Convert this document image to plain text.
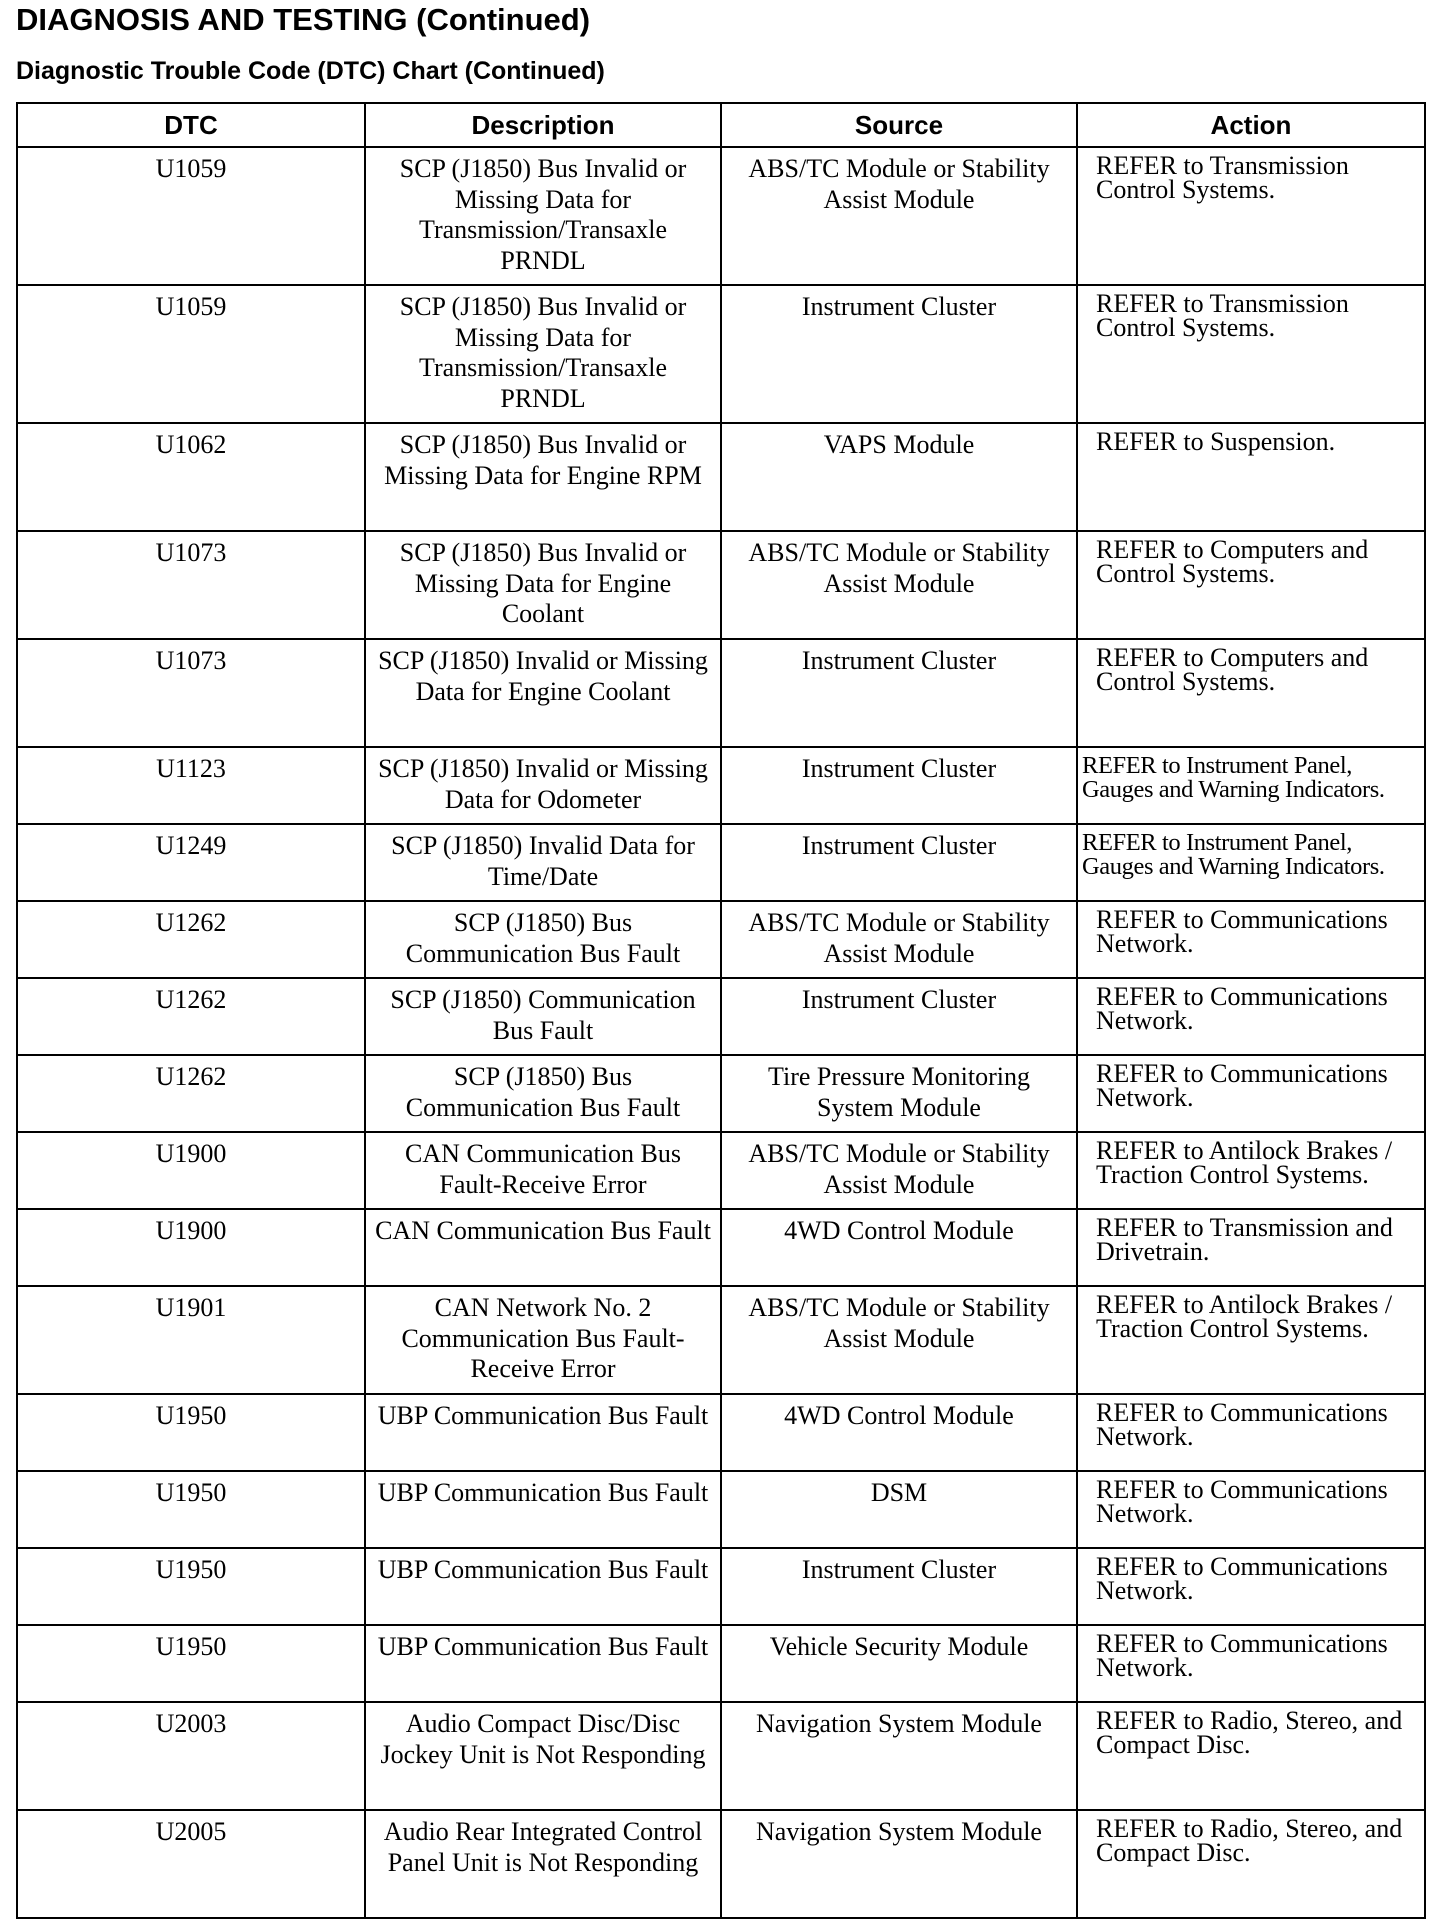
DIAGNOSIS AND TESTING (Continued)
Diagnostic Trouble Code (DTC) Chart (Continued)
DTC	Description	Source	Action
U1059	SCP (J1850) Bus Invalid or Missing Data for Transmission/Transaxle PRNDL	ABS/TC Module or Stability Assist Module	REFER to Transmission Control Systems.
U1059	SCP (J1850) Bus Invalid or Missing Data for Transmission/Transaxle PRNDL	Instrument Cluster	REFER to Transmission Control Systems.
U1062	SCP (J1850) Bus Invalid or Missing Data for Engine RPM	VAPS Module	REFER to Suspension.
U1073	SCP (J1850) Bus Invalid or Missing Data for Engine Coolant	ABS/TC Module or Stability Assist Module	REFER to Computers and Control Systems.
U1073	SCP (J1850) Invalid or Missing Data for Engine Coolant	Instrument Cluster	REFER to Computers and Control Systems.
U1123	SCP (J1850) Invalid or Missing Data for Odometer	Instrument Cluster	REFER to Instrument Panel, Gauges and Warning Indicators.
U1249	SCP (J1850) Invalid Data for Time/Date	Instrument Cluster	REFER to Instrument Panel, Gauges and Warning Indicators.
U1262	SCP (J1850) Bus Communication Bus Fault	ABS/TC Module or Stability Assist Module	REFER to Communications Network.
U1262	SCP (J1850) Communication Bus Fault	Instrument Cluster	REFER to Communications Network.
U1262	SCP (J1850) Bus Communication Bus Fault	Tire Pressure Monitoring System Module	REFER to Communications Network.
U1900	CAN Communication Bus Fault-Receive Error	ABS/TC Module or Stability Assist Module	REFER to Antilock Brakes / Traction Control Systems.
U1900	CAN Communication Bus Fault	4WD Control Module	REFER to Transmission and Drivetrain.
U1901	CAN Network No. 2 Communication Bus Fault-Receive Error	ABS/TC Module or Stability Assist Module	REFER to Antilock Brakes / Traction Control Systems.
U1950	UBP Communication Bus Fault	4WD Control Module	REFER to Communications Network.
U1950	UBP Communication Bus Fault	DSM	REFER to Communications Network.
U1950	UBP Communication Bus Fault	Instrument Cluster	REFER to Communications Network.
U1950	UBP Communication Bus Fault	Vehicle Security Module	REFER to Communications Network.
U2003	Audio Compact Disc/Disc Jockey Unit is Not Responding	Navigation System Module	REFER to Radio, Stereo, and Compact Disc.
U2005	Audio Rear Integrated Control Panel Unit is Not Responding	Navigation System Module	REFER to Radio, Stereo, and Compact Disc.
